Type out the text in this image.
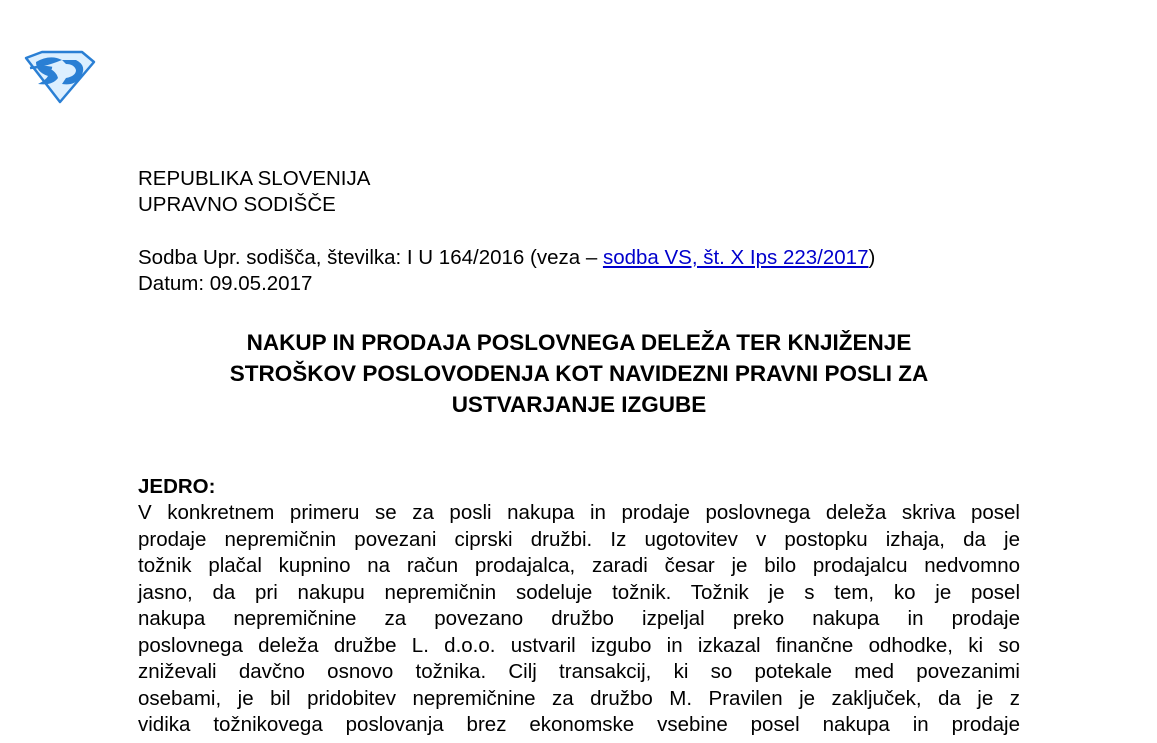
REPUBLIKA SLOVENIJA
UPRAVNO SODIŠČE
Sodba Upr. sodišča, številka: I U 164/2016 (veza – sodba VS, št. X Ips 223/2017)
Datum: 09.05.2017
NAKUP IN PRODAJA POSLOVNEGA DELEŽA TER KNJIŽENJE
STROŠKOV POSLOVODENJA KOT NAVIDEZNI PRAVNI POSLI ZA
USTVARJANJE IZGUBE
JEDRO:
V konkretnem primeru se za posli nakupa in prodaje poslovnega deleža skriva posel
prodaje nepremičnin povezani ciprski družbi. Iz ugotovitev v postopku izhaja, da je
tožnik plačal kupnino na račun prodajalca, zaradi česar je bilo prodajalcu nedvomno
jasno, da pri nakupu nepremičnin sodeluje tožnik. Tožnik je s tem, ko je posel
nakupa nepremičnine za povezano družbo izpeljal preko nakupa in prodaje
poslovnega deleža družbe L. d.o.o. ustvaril izgubo in izkazal finančne odhodke, ki so
zniževali davčno osnovo tožnika. Cilj transakcij, ki so potekale med povezanimi
osebami, je bil pridobitev nepremičnine za družbo M. Pravilen je zaključek, da je z
vidika tožnikovega poslovanja brez ekonomske vsebine posel nakupa in prodaje
